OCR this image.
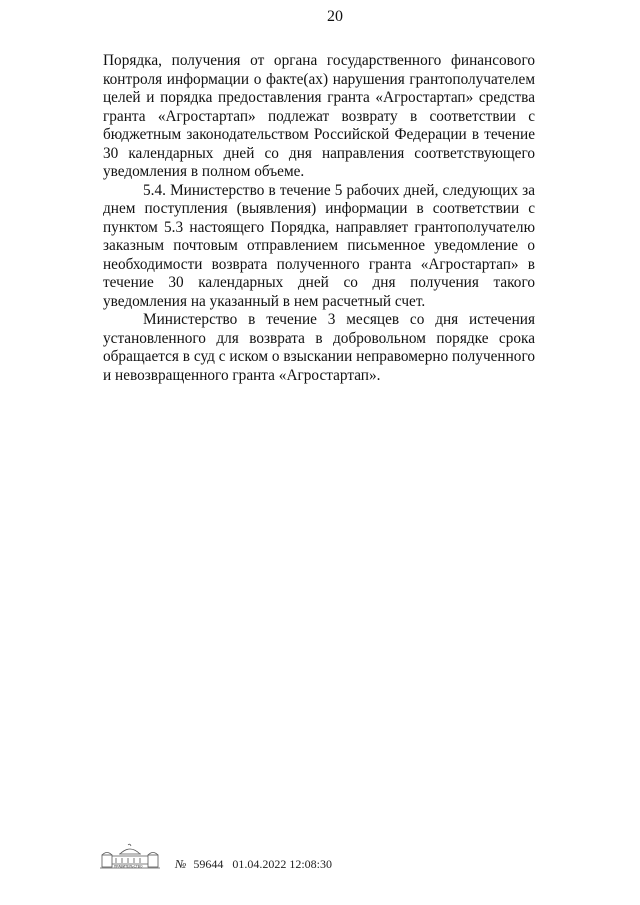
20

Порядка, получения от органа государственного финансового контроля информации о факте(ах) нарушения грантополучателем целей и порядка предоставления гранта «Агростартап» средства гранта «Агростартап» подлежат возврату в соответствии с бюджетным законодательством Российской Федерации в течение 30 календарных дней со дня направления соответствующего уведомления в полном объеме.

5.4. Министерство в течение 5 рабочих дней, следующих за днем поступления (выявления) информации в соответствии с пунктом 5.3 настоящего Порядка, направляет грантополучателю заказным почтовым отправлением письменное уведомление о необходимости возврата полученного гранта «Агростартап» в течение 30 календарных дней со дня получения такого уведомления на указанный в нем расчетный счет.

Министерство в течение 3 месяцев со дня истечения установленного для возврата в добровольном порядке срока обращается в суд с иском о взыскании неправомерно полученного и невозвращенного гранта «Агростартап».

ПРАВИТЕЛЬСТВО	№ 59644 01.04.2022 12:08:30
